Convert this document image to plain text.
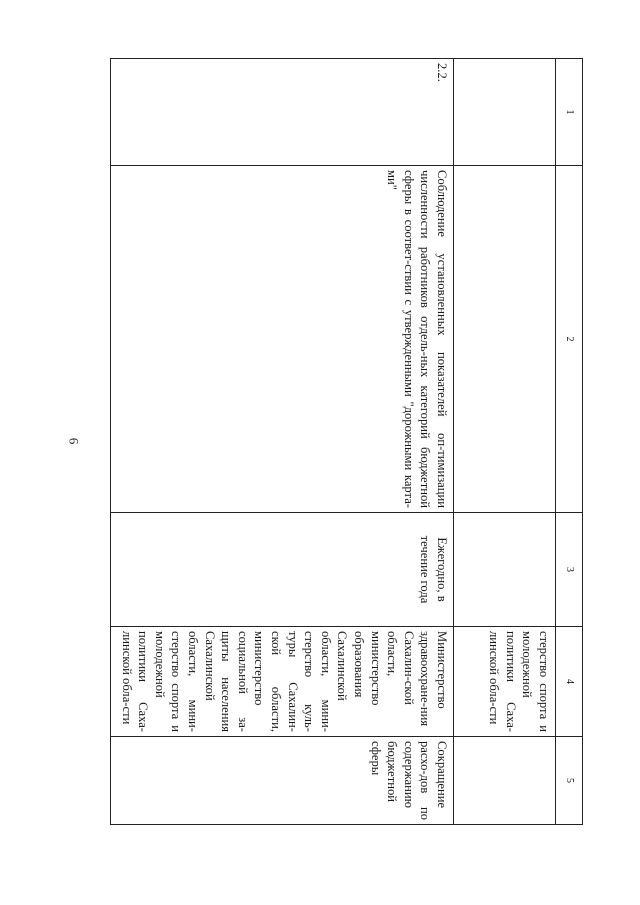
6
1	2	3	4	5
			стерство спорта и молодежной политики Саха-линской обла-сти	
2.2.	Соблюдение установленных показателей оп-тимизации численности работников отдель-ных категорий бюджетной сферы в соответ-ствии с утвержденными "дорожными карта-ми"	Ежегодно, в течение года	Министерство здравоохране-ния Сахалин-ской области, министерство образования Сахалинской области, мини-стерство куль-туры Сахалин-ской области, министерство социальной за-щиты населения Сахалинской области, мини-стерство спорта и молодежной политики Саха-линской обла-сти	Сокращение расхо-дов по содержанию бюджетной сферы
